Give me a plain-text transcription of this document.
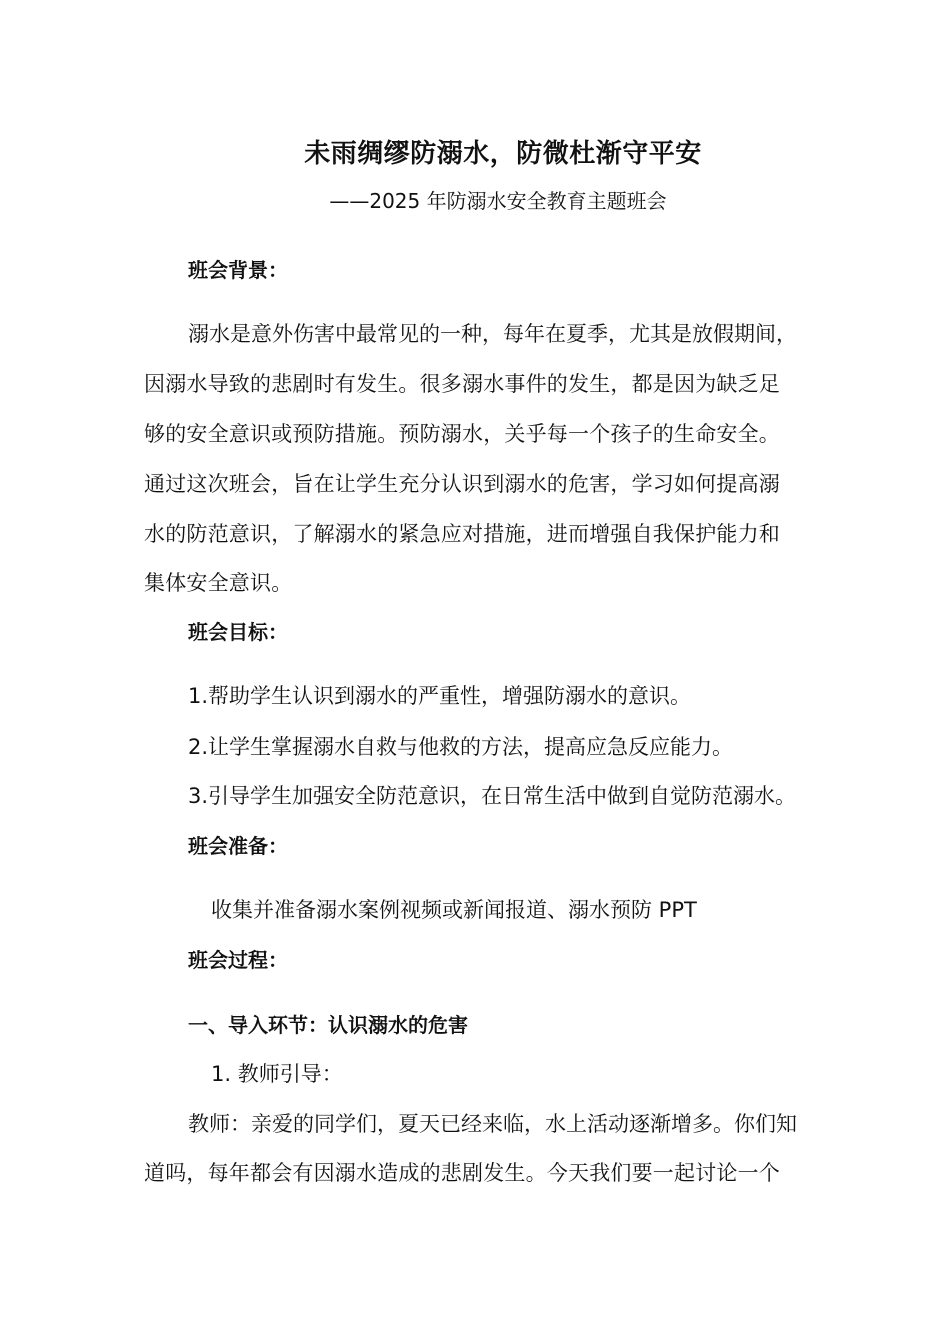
未雨绸缪防溺水，防微杜渐守平安
——2025 年防溺水安全教育主题班会
班会背景：
溺水是意外伤害中最常见的一种，每年在夏季，尤其是放假期间，
因溺水导致的悲剧时有发生。很多溺水事件的发生，都是因为缺乏足
够的安全意识或预防措施。预防溺水，关乎每一个孩子的生命安全。
通过这次班会，旨在让学生充分认识到溺水的危害，学习如何提高溺
水的防范意识，了解溺水的紧急应对措施，进而增强自我保护能力和
集体安全意识。
班会目标：
1.帮助学生认识到溺水的严重性，增强防溺水的意识。
2.让学生掌握溺水自救与他救的方法，提高应急反应能力。
3.引导学生加强安全防范意识，在日常生活中做到自觉防范溺水。
班会准备：
收集并准备溺水案例视频或新闻报道、溺水预防 PPT
班会过程：
一、导入环节：认识溺水的危害
1. 教师引导：
教师：亲爱的同学们，夏天已经来临，水上活动逐渐增多。你们知
道吗，每年都会有因溺水造成的悲剧发生。今天我们要一起讨论一个
